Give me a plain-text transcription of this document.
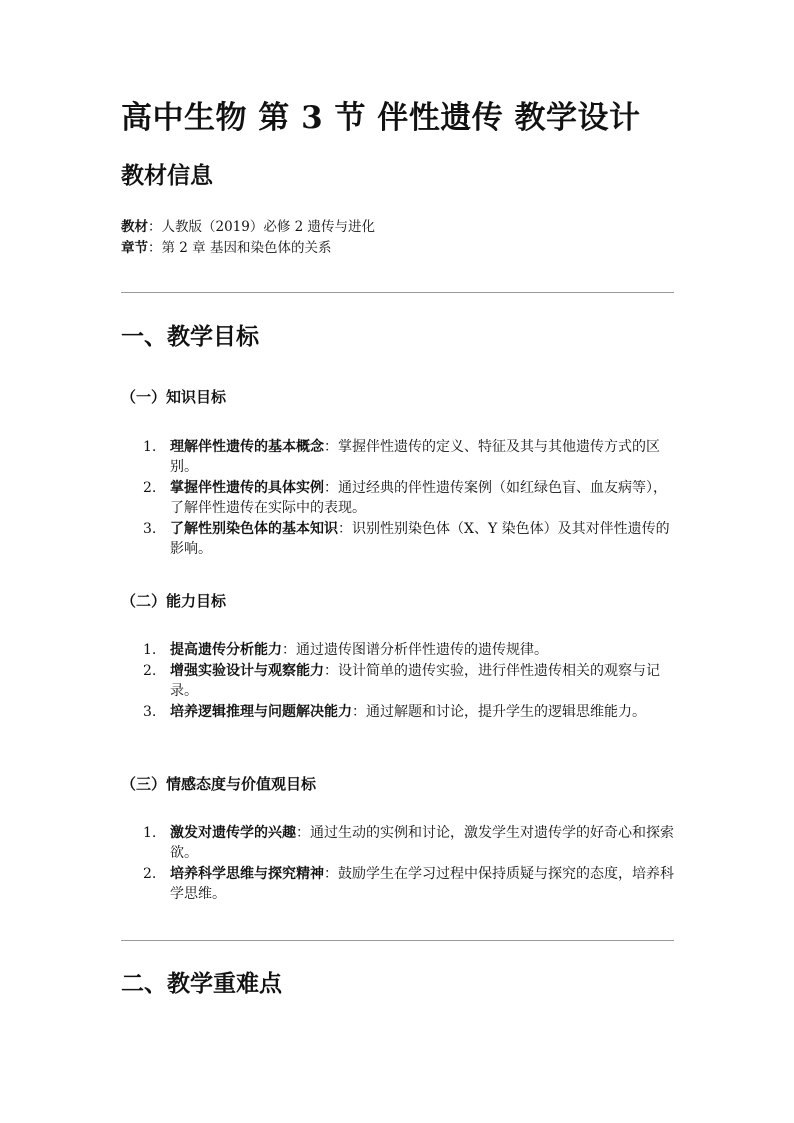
高中生物 第 3 节 伴性遗传 教学设计
教材信息
教材：人教版（2019）必修 2 遗传与进化
章节：第 2 章 基因和染色体的关系
一、教学目标
（一）知识目标
1. 理解伴性遗传的基本概念：掌握伴性遗传的定义、特征及其与其他遗传方式的区别。
2. 掌握伴性遗传的具体实例：通过经典的伴性遗传案例（如红绿色盲、血友病等），了解伴性遗传在实际中的表现。
3. 了解性别染色体的基本知识：识别性别染色体（X、Y 染色体）及其对伴性遗传的影响。
（二）能力目标
1. 提高遗传分析能力：通过遗传图谱分析伴性遗传的遗传规律。
2. 增强实验设计与观察能力：设计简单的遗传实验，进行伴性遗传相关的观察与记录。
3. 培养逻辑推理与问题解决能力：通过解题和讨论，提升学生的逻辑思维能力。
（三）情感态度与价值观目标
1. 激发对遗传学的兴趣：通过生动的实例和讨论，激发学生对遗传学的好奇心和探索欲。
2. 培养科学思维与探究精神：鼓励学生在学习过程中保持质疑与探究的态度，培养科学思维。
二、教学重难点
